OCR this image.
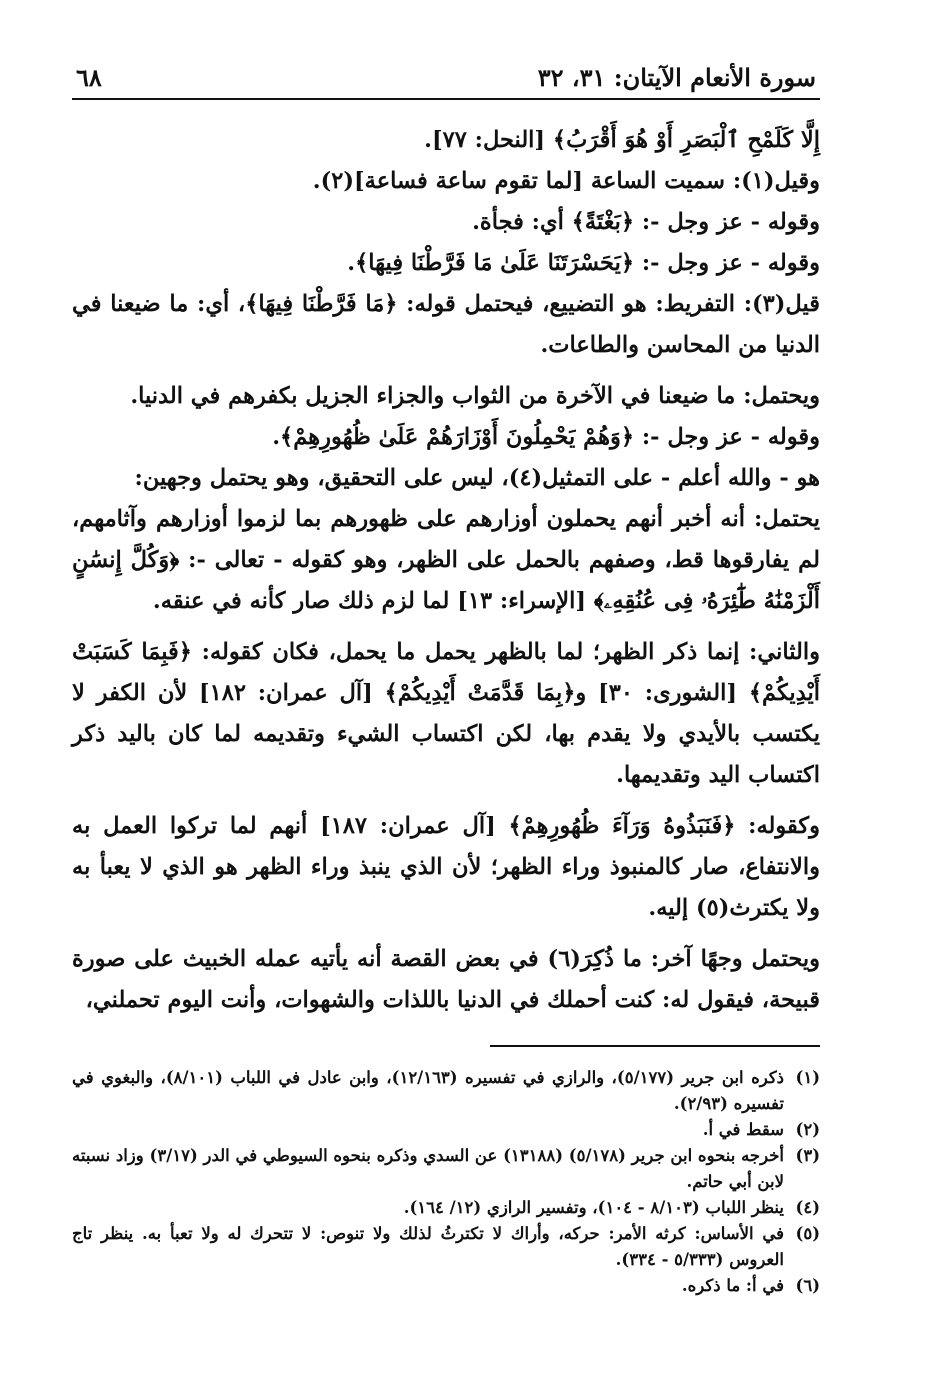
سورة الأنعام الآيتان: ٣١، ٣٢
٦٨

إِلَّا كَلَمْحِ ٱلْبَصَرِ أَوْ هُوَ أَقْرَبُ﴾ [النحل: ٧٧].

وقيل(١): سميت الساعة [لما تقوم ساعة فساعة](٢).

وقوله - عز وجل -: ﴿بَغْتَةً﴾ أي: فجأة.

وقوله - عز وجل -: ﴿يَحَسْرَتَنَا عَلَىٰ مَا فَرَّطْنَا فِيهَا﴾.

قيل(٣): التفريط: هو التضييع، فيحتمل قوله: ﴿مَا فَرَّطْنَا فِيهَا﴾، أي: ما ضيعنا في الدنيا من المحاسن والطاعات.

ويحتمل: ما ضيعنا في الآخرة من الثواب والجزاء الجزيل بكفرهم في الدنيا.

وقوله - عز وجل -: ﴿وَهُمْ يَحْمِلُونَ أَوْزَارَهُمْ عَلَىٰ ظُهُورِهِمْ﴾.

هو - والله أعلم - على التمثيل(٤)، ليس على التحقيق، وهو يحتمل وجهين:

يحتمل: أنه أخبر أنهم يحملون أوزارهم على ظهورهم بما لزموا أوزارهم وآثامهم، لم يفارقوها قط، وصفهم بالحمل على الظهر، وهو كقوله - تعالى -: ﴿وَكُلَّ إِنسَٰنٍ أَلْزَمْنَٰهُ طَٰٓئِرَهُۥ فِى عُنُقِهِۦ﴾ [الإسراء: ١٣] لما لزم ذلك صار كأنه في عنقه.

والثاني: إنما ذكر الظهر؛ لما بالظهر يحمل ما يحمل، فكان كقوله: ﴿فَبِمَا كَسَبَتْ أَيْدِيكُمْ﴾ [الشورى: ٣٠] و﴿بِمَا قَدَّمَتْ أَيْدِيكُمْ﴾ [آل عمران: ١٨٢] لأن الكفر لا يكتسب بالأيدي ولا يقدم بها، لكن اكتساب الشيء وتقديمه لما كان باليد ذكر اكتساب اليد وتقديمها.

وكقوله: ﴿فَنَبَذُوهُ وَرَآءَ ظُهُورِهِمْ﴾ [آل عمران: ١٨٧] أنهم لما تركوا العمل به والانتفاع، صار كالمنبوذ وراء الظهر؛ لأن الذي ينبذ وراء الظهر هو الذي لا يعبأ به ولا يكترث(٥) إليه.

ويحتمل وجهًا آخر: ما ذُكِرَ(٦) في بعض القصة أنه يأتيه عمله الخبيث على صورة قبيحة، فيقول له: كنت أحملك في الدنيا باللذات والشهوات، وأنت اليوم تحملني،

(١)
ذكره ابن جرير (٥/١٧٧)، والرازي في تفسيره (١٢/١٦٣)، وابن عادل في اللباب (٨/١٠١)، والبغوي في تفسيره (٢/٩٣).
(٢)
سقط في أ.
(٣)
أخرجه بنحوه ابن جرير (٥/١٧٨) (١٣١٨٨) عن السدي وذكره بنحوه السيوطي في الدر (٣/١٧) وزاد نسبته لابن أبي حاتم.
(٤)
ينظر اللباب (٨/١٠٣ - ١٠٤)، وتفسير الرازي (١٢/ ١٦٤).
(٥)
في الأساس: كرثه الأمر: حركه، وأراك لا تكترثُ لذلك ولا تنوص: لا تتحرك له ولا تعبأ به. ينظر تاج العروس (٥/٣٣٣ - ٣٣٤).
(٦)
في أ: ما ذكره.
